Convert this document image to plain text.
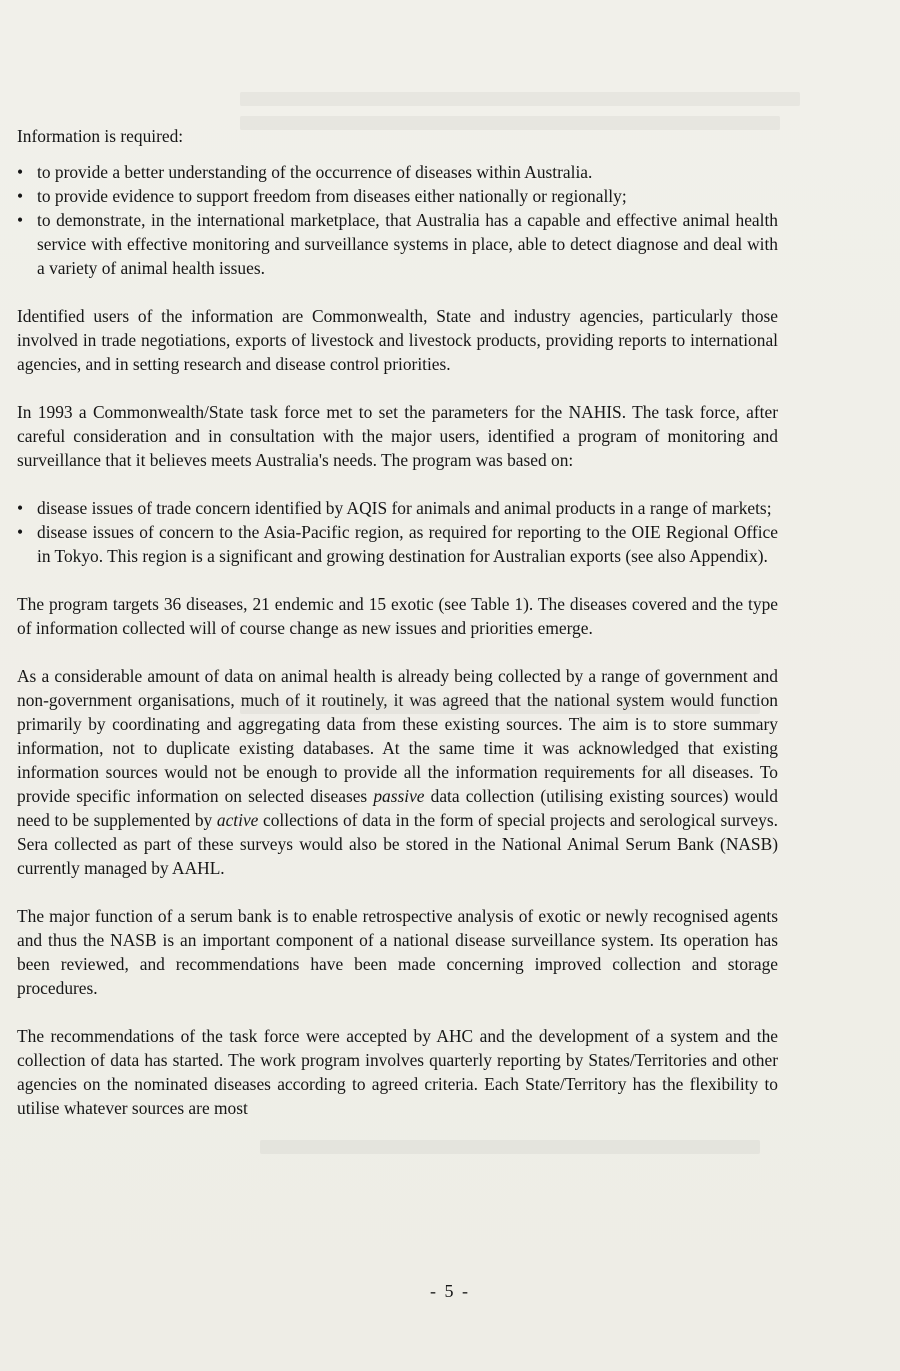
Information is required:

• to provide a better understanding of the occurrence of diseases within Australia.
• to provide evidence to support freedom from diseases either nationally or regionally;
• to demonstrate, in the international marketplace, that Australia has a capable and effective animal health service with effective monitoring and surveillance systems in place, able to detect diagnose and deal with a variety of animal health issues.

Identified users of the information are Commonwealth, State and industry agencies, particularly those involved in trade negotiations, exports of livestock and livestock products, providing reports to international agencies, and in setting research and disease control priorities.

In 1993 a Commonwealth/State task force met to set the parameters for the NAHIS. The task force, after careful consideration and in consultation with the major users, identified a program of monitoring and surveillance that it believes meets Australia's needs. The program was based on:

• disease issues of trade concern identified by AQIS for animals and animal products in a range of markets;
• disease issues of concern to the Asia-Pacific region, as required for reporting to the OIE Regional Office in Tokyo. This region is a significant and growing destination for Australian exports (see also Appendix).

The program targets 36 diseases, 21 endemic and 15 exotic (see Table 1). The diseases covered and the type of information collected will of course change as new issues and priorities emerge.

As a considerable amount of data on animal health is already being collected by a range of government and non-government organisations, much of it routinely, it was agreed that the national system would function primarily by coordinating and aggregating data from these existing sources. The aim is to store summary information, not to duplicate existing databases. At the same time it was acknowledged that existing information sources would not be enough to provide all the information requirements for all diseases. To provide specific information on selected diseases passive data collection (utilising existing sources) would need to be supplemented by active collections of data in the form of special projects and serological surveys. Sera collected as part of these surveys would also be stored in the National Animal Serum Bank (NASB) currently managed by AAHL.

The major function of a serum bank is to enable retrospective analysis of exotic or newly recognised agents and thus the NASB is an important component of a national disease surveillance system. Its operation has been reviewed, and recommendations have been made concerning improved collection and storage procedures.

The recommendations of the task force were accepted by AHC and the development of a system and the collection of data has started. The work program involves quarterly reporting by States/Territories and other agencies on the nominated diseases according to agreed criteria. Each State/Territory has the flexibility to utilise whatever sources are most

- 5 -
